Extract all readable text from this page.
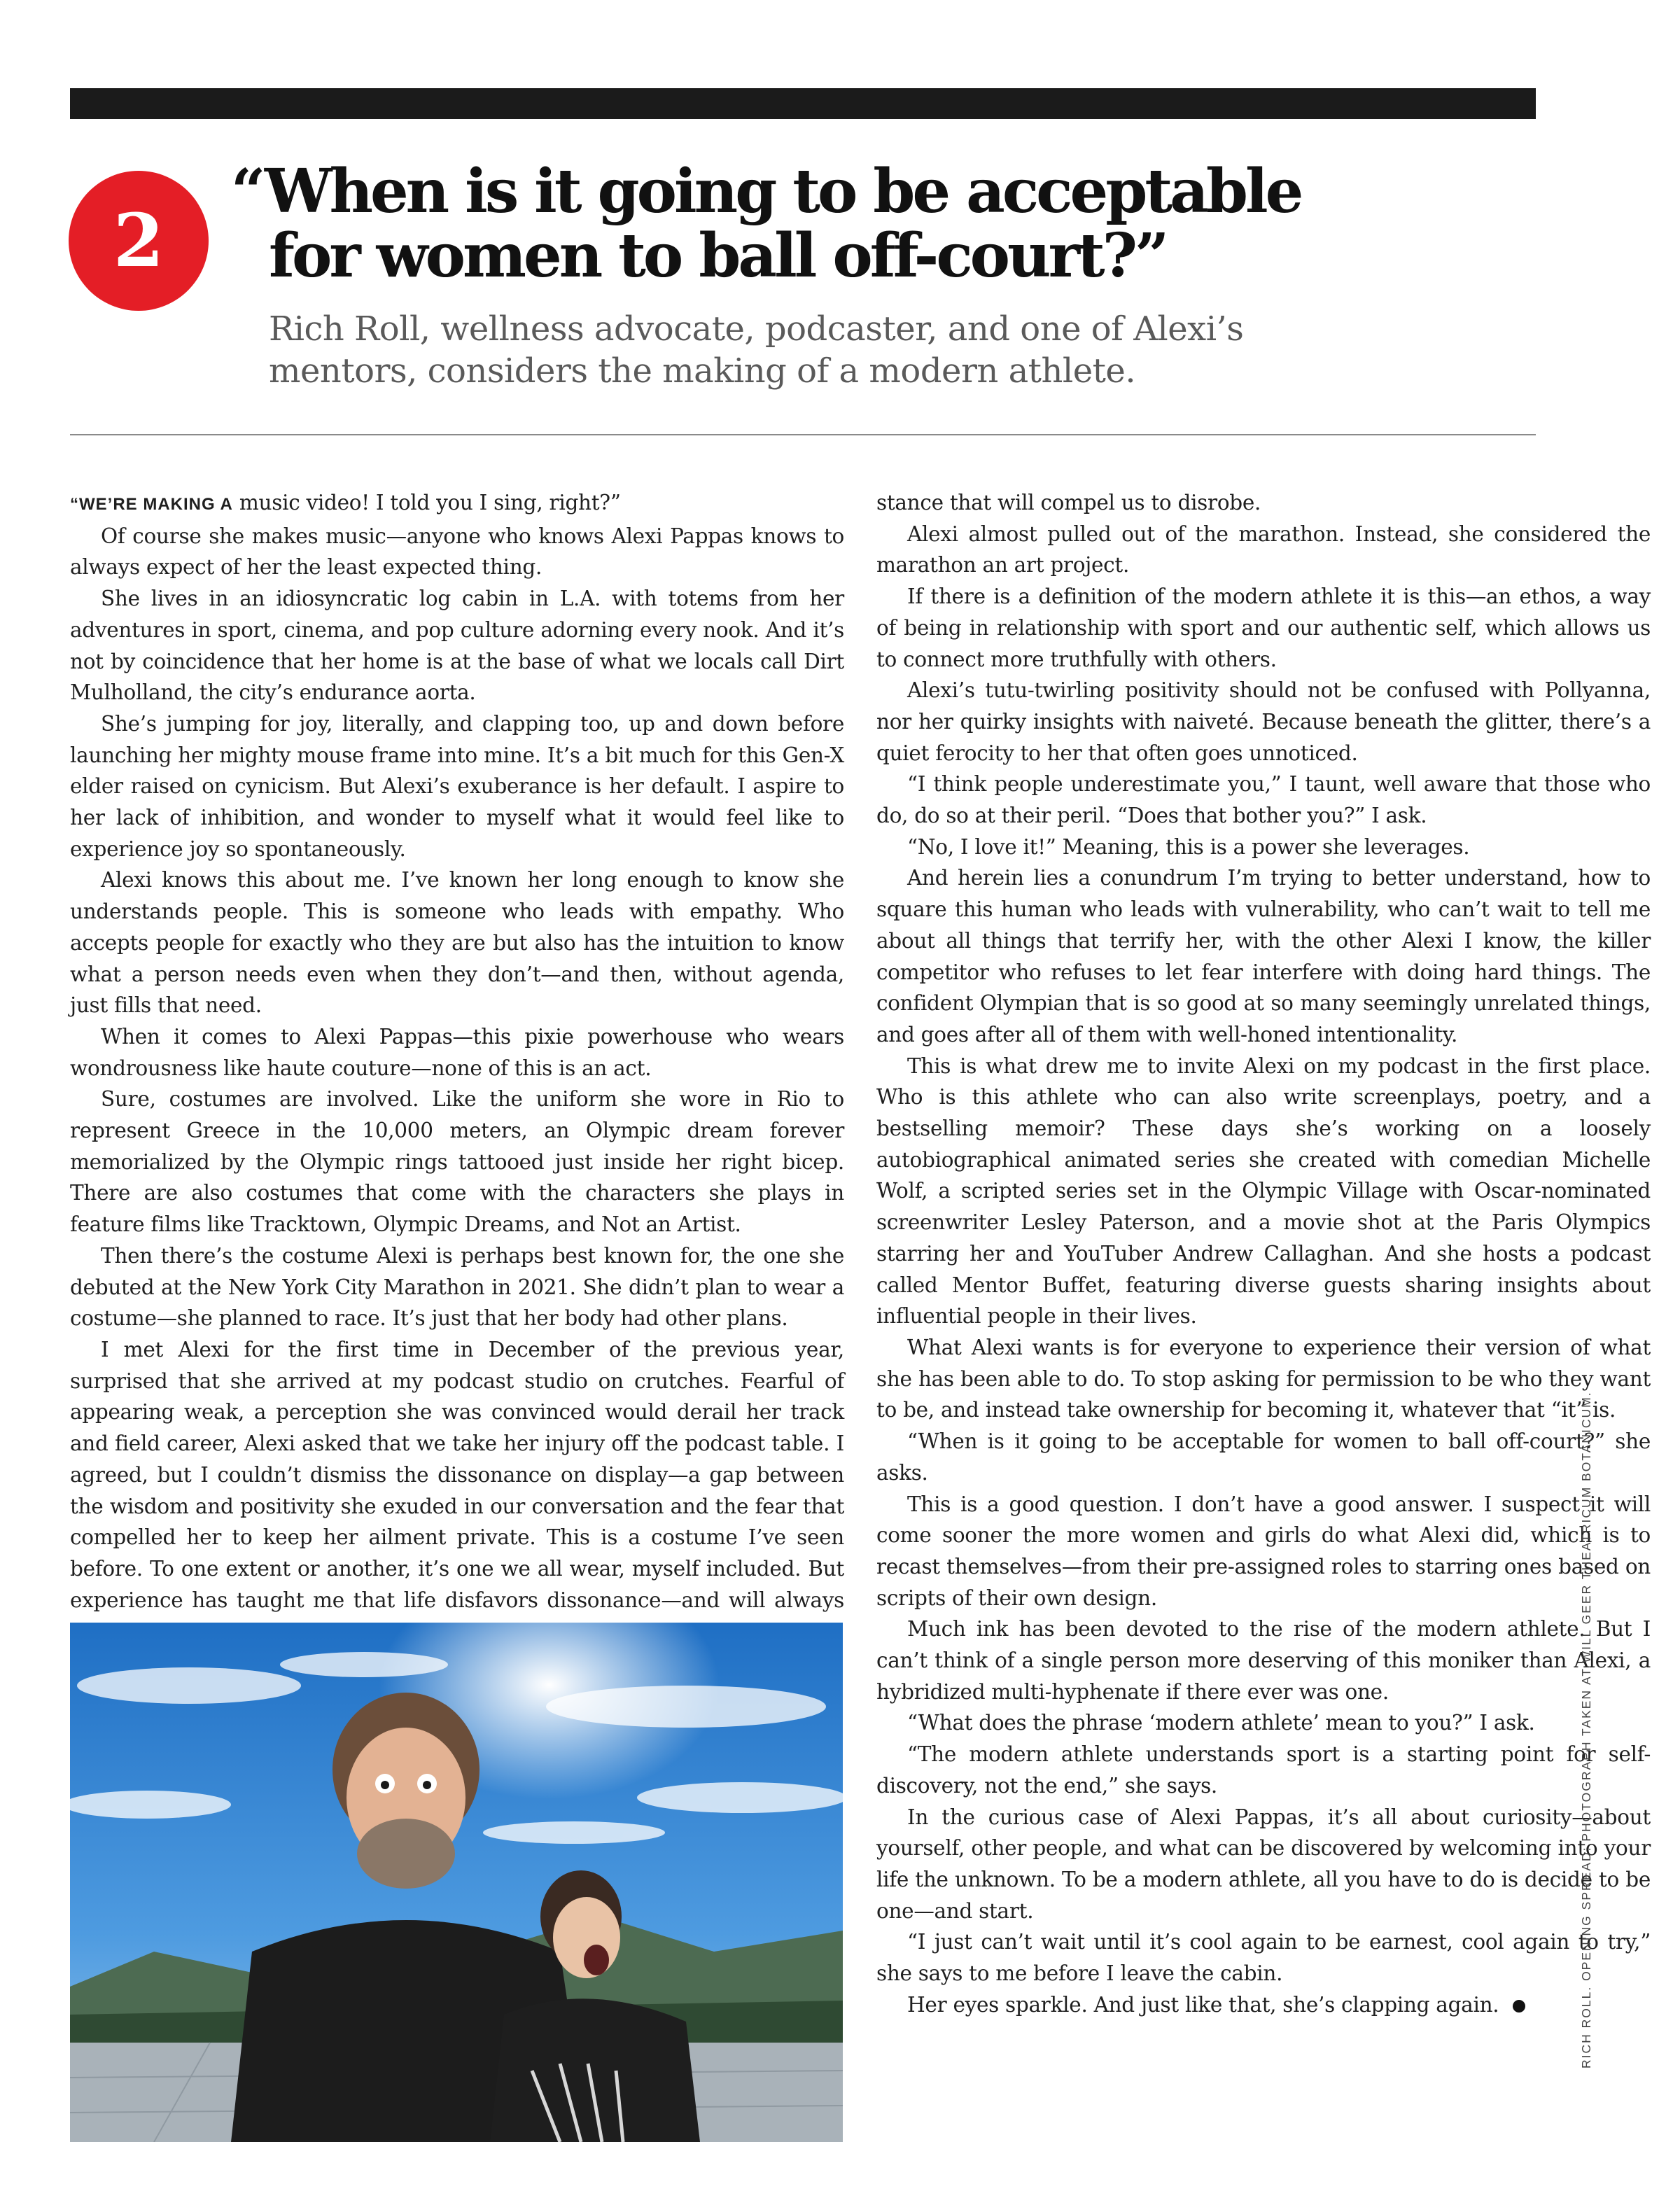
2
“When is it going to be acceptable
for women to ball off-court?”

Rich Roll, wellness advocate, podcaster, and one of Alexi’s mentors, considers the making of a modern athlete.

“WE’RE MAKING A music video! I told you I sing, right?”

Of course she makes music—anyone who knows Alexi Pappas knows to always expect of her the least expected thing.

She lives in an idiosyncratic log cabin in L.A. with totems from her adventures in sport, cinema, and pop culture adorning every nook. And it’s not by coincidence that her home is at the base of what we locals call Dirt Mulholland, the city’s endurance aorta.

She’s jumping for joy, literally, and clapping too, up and down before launching her mighty mouse frame into mine. It’s a bit much for this Gen-X elder raised on cynicism. But Alexi’s exuberance is her default. I aspire to her lack of inhibition, and wonder to myself what it would feel like to experience joy so spontaneously.

Alexi knows this about me. I’ve known her long enough to know she understands people. This is someone who leads with empathy. Who accepts people for exactly who they are but also has the intuition to know what a person needs even when they don’t—and then, without agenda, just fills that need.

When it comes to Alexi Pappas—this pixie powerhouse who wears wondrousness like haute couture—none of this is an act.

Sure, costumes are involved. Like the uniform she wore in Rio to represent Greece in the 10,000 meters, an Olympic dream forever memorialized by the Olympic rings tattooed just inside her right bicep. There are also costumes that come with the characters she plays in feature films like Tracktown, Olympic Dreams, and Not an Artist.

Then there’s the costume Alexi is perhaps best known for, the one she debuted at the New York City Marathon in 2021. She didn’t plan to wear a costume—she planned to race. It’s just that her body had other plans.

I met Alexi for the first time in December of the previous year, surprised that she arrived at my podcast studio on crutches. Fearful of appearing weak, a perception she was convinced would derail her track and field career, Alexi asked that we take her injury off the podcast table. I agreed, but I couldn’t dismiss the dissonance on display—a gap between the wisdom and positivity she exuded in our conversation and the fear that compelled her to keep her ailment private. This is a costume I’ve seen before. To one extent or another, it’s one we all wear, myself included. But experience has taught me that life disfavors dissonance—and will always

stance that will compel us to disrobe.

Alexi almost pulled out of the marathon. Instead, she considered the marathon an art project.

If there is a definition of the modern athlete it is this—an ethos, a way of being in relationship with sport and our authentic self, which allows us to connect more truthfully with others.

Alexi’s tutu-twirling positivity should not be confused with Pollyanna, nor her quirky insights with naiveté. Because beneath the glitter, there’s a quiet ferocity to her that often goes unnoticed.

“I think people underestimate you,” I taunt, well aware that those who do, do so at their peril. “Does that bother you?” I ask.

“No, I love it!” Meaning, this is a power she leverages.

And herein lies a conundrum I’m trying to better understand, how to square this human who leads with vulnerability, who can’t wait to tell me about all things that terrify her, with the other Alexi I know, the killer competitor who refuses to let fear interfere with doing hard things. The confident Olympian that is so good at so many seemingly unrelated things, and goes after all of them with well-honed intentionality.

This is what drew me to invite Alexi on my podcast in the first place. Who is this athlete who can also write screenplays, poetry, and a bestselling memoir? These days she’s working on a loosely autobiographical animated series she created with comedian Michelle Wolf, a scripted series set in the Olympic Village with Oscar-nominated screenwriter Lesley Paterson, and a movie shot at the Paris Olympics starring her and YouTuber Andrew Callaghan. And she hosts a podcast called Mentor Buffet, featuring diverse guests sharing insights about influential people in their lives.

What Alexi wants is for everyone to experience their version of what she has been able to do. To stop asking for permission to be who they want to be, and instead take ownership for becoming it, whatever that “it” is.

“When is it going to be acceptable for women to ball off-court?” she asks.

This is a good question. I don’t have a good answer. I suspect it will come sooner the more women and girls do what Alexi did, which is to recast themselves—from their pre-assigned roles to starring ones based on scripts of their own design.

Much ink has been devoted to the rise of the modern athlete. But I can’t think of a single person more deserving of this moniker than Alexi, a hybridized multi-hyphenate if there ever was one.

“What does the phrase ‘modern athlete’ mean to you?” I ask.

“The modern athlete understands sport is a starting point for self-discovery, not the end,” she says.

In the curious case of Alexi Pappas, it’s all about curiosity—about yourself, other people, and what can be discovered by welcoming into your life the unknown. To be a modern athlete, all you have to do is decide to be one—and start.

“I just can’t wait until it’s cool again to be earnest, cool again to try,” she says to me before I leave the cabin.

Her eyes sparkle. And just like that, she’s clapping again.	RICH ROLL. OPENING SPREAD: PHOTOGRAPH TAKEN AT WILL GEER THEATRICUM BOTANICUM.
